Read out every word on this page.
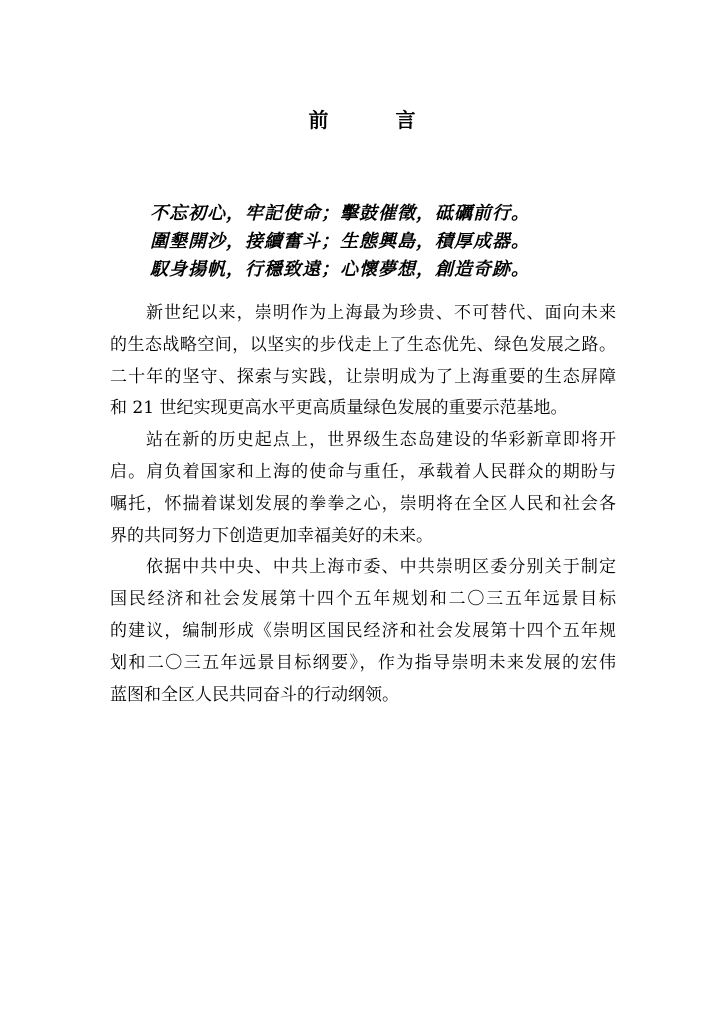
前 言
不忘初心，牢記使命；擊鼓催徵，砥礪前行。
圍墾開沙，接續奮斗；生態興島，積厚成器。
馭身揚帆，行穩致遠；心懷夢想，創造奇跡。
新世纪以来，崇明作为上海最为珍贵、不可替代、面向未来
的生态战略空间，以坚实的步伐走上了生态优先、绿色发展之路。
二十年的坚守、探索与实践，让崇明成为了上海重要的生态屏障
和 21 世纪实现更高水平更高质量绿色发展的重要示范基地。
站在新的历史起点上，世界级生态岛建设的华彩新章即将开
启。肩负着国家和上海的使命与重任，承载着人民群众的期盼与
嘱托，怀揣着谋划发展的拳拳之心，崇明将在全区人民和社会各
界的共同努力下创造更加幸福美好的未来。
依据中共中央、中共上海市委、中共崇明区委分别关于制定
国民经济和社会发展第十四个五年规划和二〇三五年远景目标
的建议，编制形成《崇明区国民经济和社会发展第十四个五年规
划和二〇三五年远景目标纲要》，作为指导崇明未来发展的宏伟
蓝图和全区人民共同奋斗的行动纲领。
